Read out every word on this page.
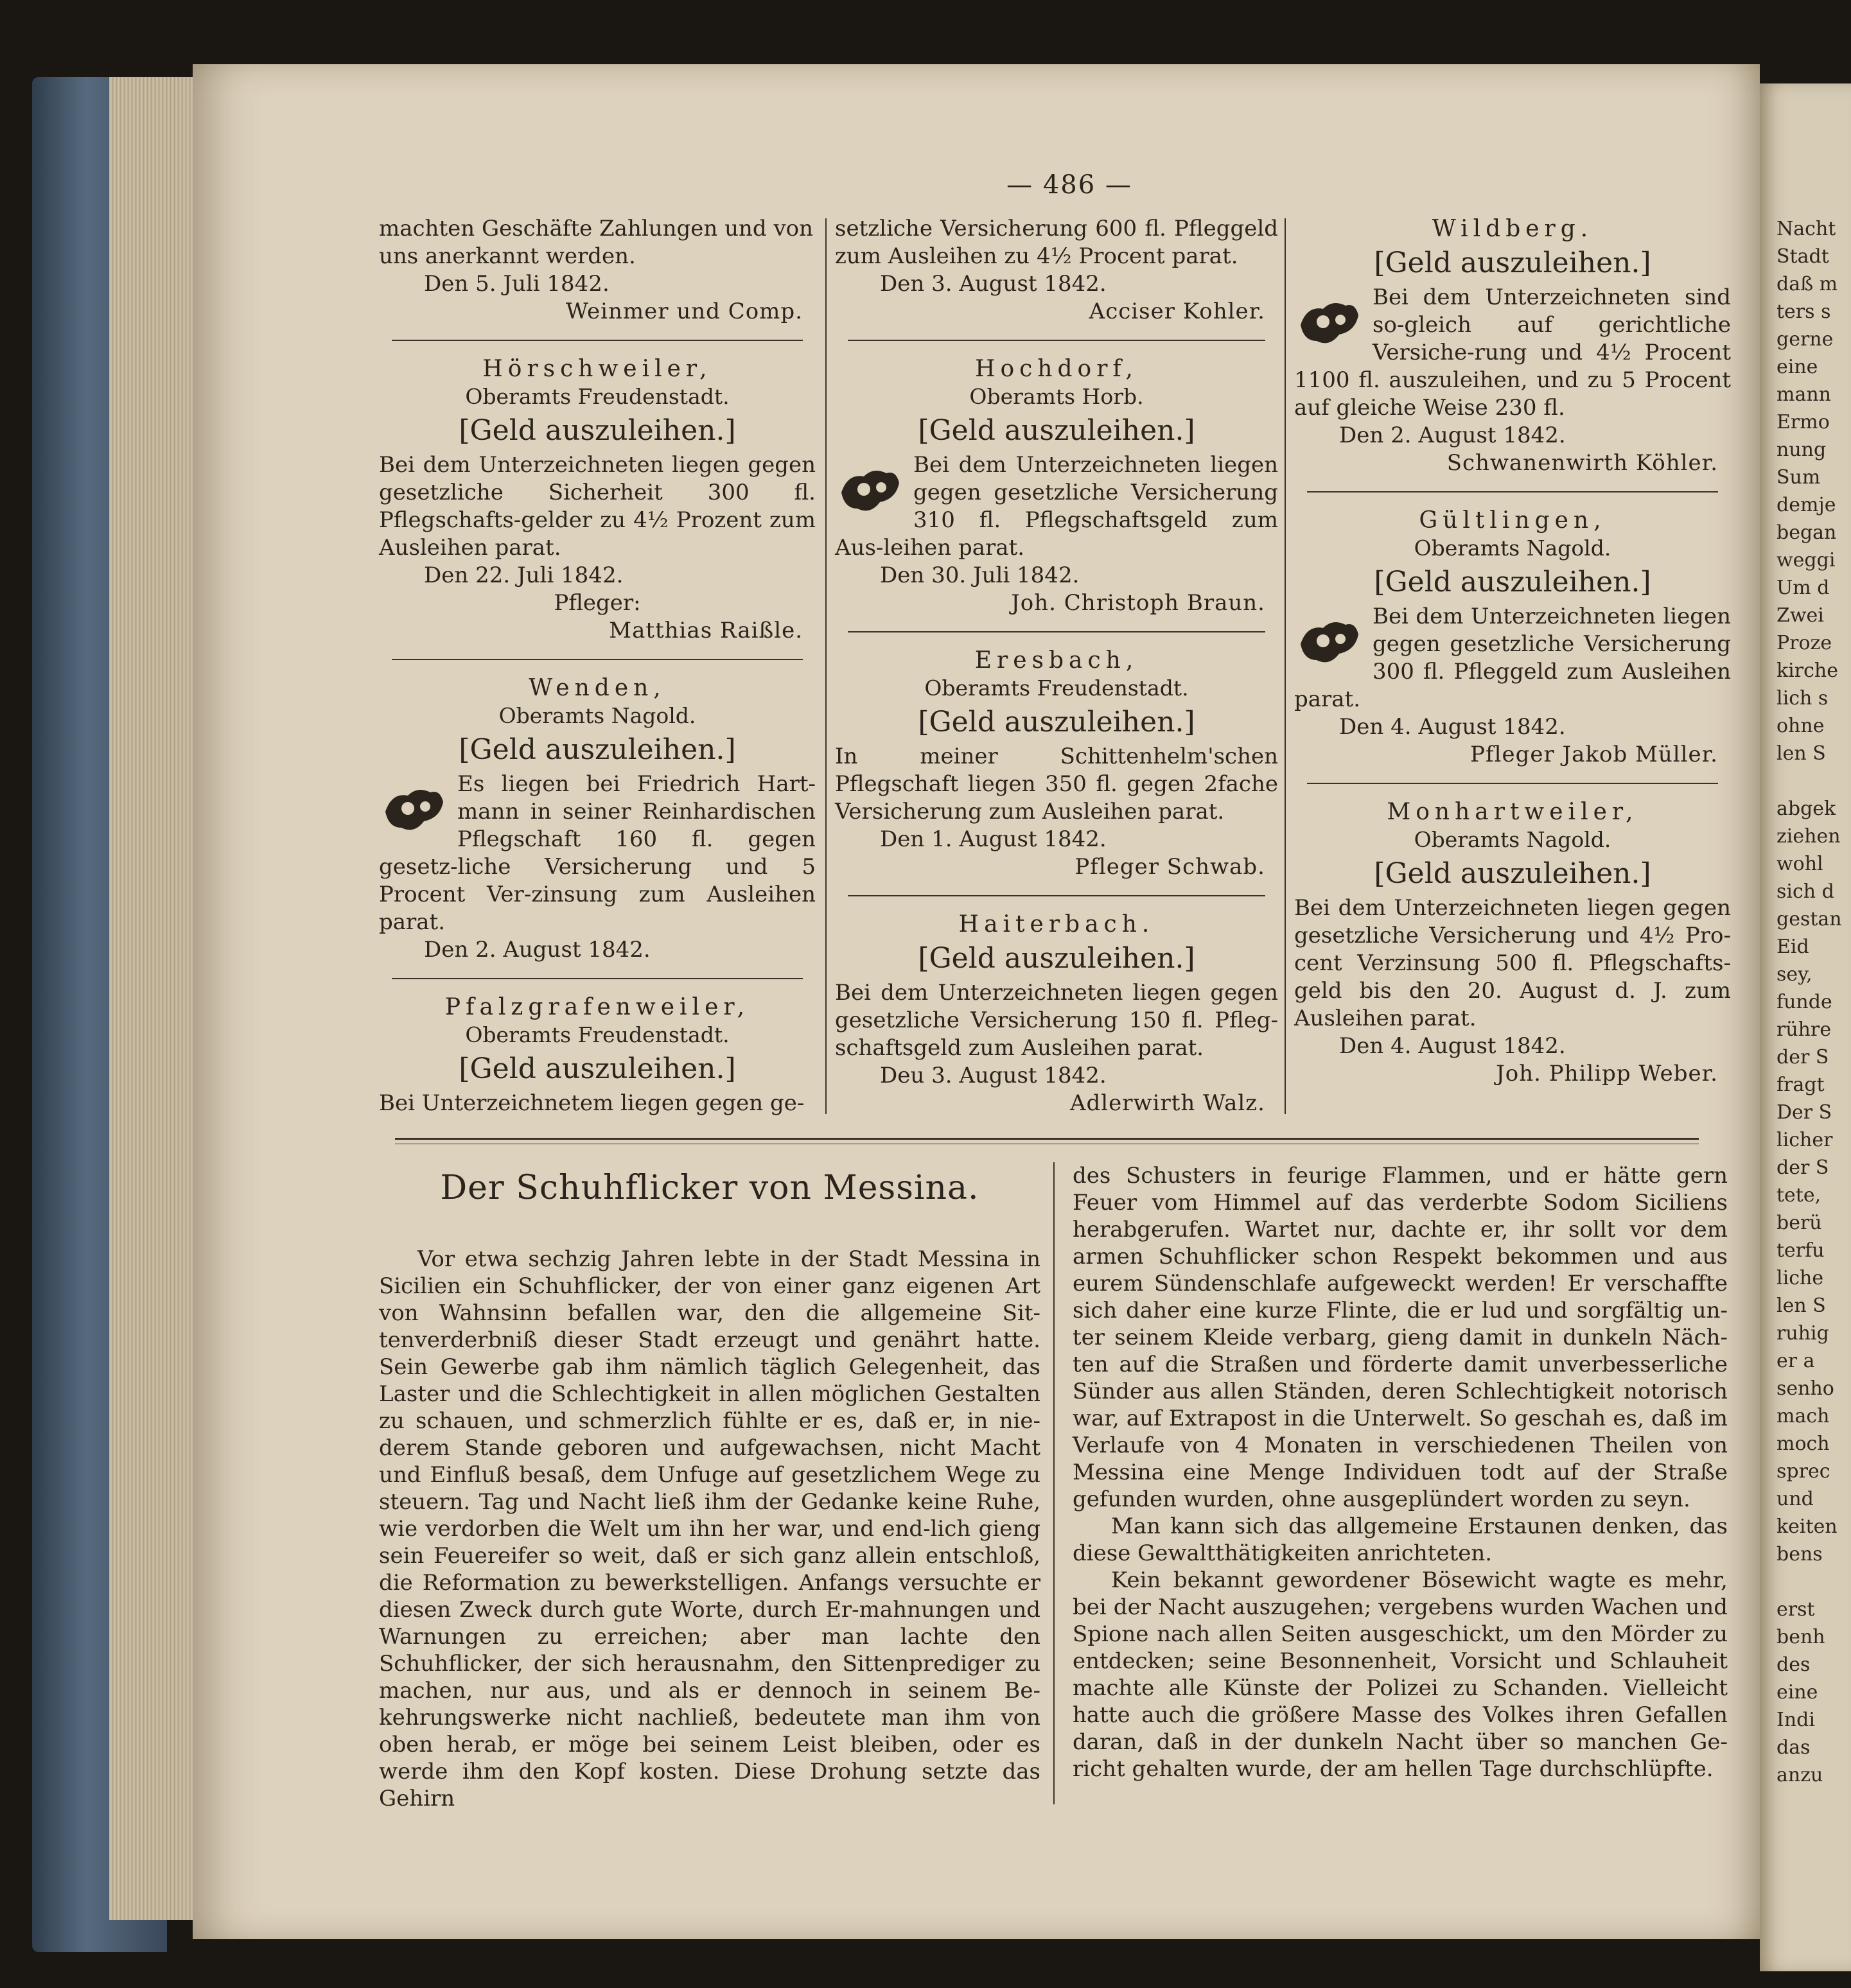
Nacht
Stadt
daß m
ters s
gerne
eine
mann
Ermo
nung
Sum
demje
began
weggi
Um d
Zwei
Proze
kirche
lich s
ohne
len S
abgek
ziehen
wohl
sich d
gestan
Eid
sey,
funde
rühre
der S
fragt
Der S
licher
der S
tete,
berü
terfu
liche
len S
ruhig
er a
senho
mach
moch
sprec
und
keiten
bens
erst
benh
des
eine
Indi
das
anzu
— 486 —
machten Geschäfte Zahlungen und von
uns anerkannt werden.
Den 5. Juli 1842.
Weinmer und Comp.
Hörschweiler,
Oberamts Freudenstadt.
[Geld auszuleihen.]
Bei dem Unterzeichneten liegen gegen gesetzliche Sicherheit 300 fl. Pflegschafts-gelder zu 4½ Prozent zum Ausleihen parat.
Den 22. Juli 1842.
Pfleger:
Matthias Raißle.
Wenden,
Oberamts Nagold.
[Geld auszuleihen.]
Es liegen bei Friedrich Hart-mann in seiner Reinhardischen Pflegschaft 160 fl. gegen gesetz-liche Versicherung und 5 Procent Ver-zinsung zum Ausleihen parat.
Den 2. August 1842.
Pfalzgrafenweiler,
Oberamts Freudenstadt.
[Geld auszuleihen.]
Bei Unterzeichnetem liegen gegen ge-
setzliche Versicherung 600 fl. Pfleggeld zum Ausleihen zu 4½ Procent parat.
Den 3. August 1842.
Acciser Kohler.
Hochdorf,
Oberamts Horb.
[Geld auszuleihen.]
Bei dem Unterzeichneten liegen gegen gesetzliche Versicherung 310 fl. Pflegschaftsgeld zum Aus-leihen parat.
Den 30. Juli 1842.
Joh. Christoph Braun.
Eresbach,
Oberamts Freudenstadt.
[Geld auszuleihen.]
In meiner Schittenhelm'schen Pflegschaft liegen 350 fl. gegen 2fache Versicherung zum Ausleihen parat.
Den 1. August 1842.
Pfleger Schwab.
Haiterbach.
[Geld auszuleihen.]
Bei dem Unterzeichneten liegen gegen gesetzliche Versicherung 150 fl. Pfleg-schaftsgeld zum Ausleihen parat.
Deu 3. August 1842.
Adlerwirth Walz.
Wildberg.
[Geld auszuleihen.]
Bei dem Unterzeichneten sind so-gleich auf gerichtliche Versiche-rung und 4½ Procent 1100 fl. auszuleihen, und zu 5 Procent auf gleiche Weise 230 fl.
Den 2. August 1842.
Schwanenwirth Köhler.
Gültlingen,
Oberamts Nagold.
[Geld auszuleihen.]
Bei dem Unterzeichneten liegen gegen gesetzliche Versicherung 300 fl. Pfleggeld zum Ausleihen parat.
Den 4. August 1842.
Pfleger Jakob Müller.
Monhartweiler,
Oberamts Nagold.
[Geld auszuleihen.]
Bei dem Unterzeichneten liegen gegen gesetzliche Versicherung und 4½ Pro-cent Verzinsung 500 fl. Pflegschafts-geld bis den 20. August d. J. zum Ausleihen parat.
Den 4. August 1842.
Joh. Philipp Weber.
Der Schuhflicker von Messina.

Vor etwa sechzig Jahren lebte in der Stadt Messina in Sicilien ein Schuhflicker, der von einer ganz eigenen Art von Wahnsinn befallen war, den die allgemeine Sit-tenverderbniß dieser Stadt erzeugt und genährt hatte. Sein Gewerbe gab ihm nämlich täglich Gelegenheit, das Laster und die Schlechtigkeit in allen möglichen Gestalten zu schauen, und schmerzlich fühlte er es, daß er, in nie-derem Stande geboren und aufgewachsen, nicht Macht und Einfluß besaß, dem Unfuge auf gesetzlichem Wege zu steuern. Tag und Nacht ließ ihm der Gedanke keine Ruhe, wie verdorben die Welt um ihn her war, und end-lich gieng sein Feuereifer so weit, daß er sich ganz allein entschloß, die Reformation zu bewerkstelligen. Anfangs versuchte er diesen Zweck durch gute Worte, durch Er-mahnungen und Warnungen zu erreichen; aber man lachte den Schuhflicker, der sich herausnahm, den Sittenprediger zu machen, nur aus, und als er dennoch in seinem Be-kehrungswerke nicht nachließ, bedeutete man ihm von oben herab, er möge bei seinem Leist bleiben, oder es werde ihm den Kopf kosten. Diese Drohung setzte das Gehirn

des Schusters in feurige Flammen, und er hätte gern Feuer vom Himmel auf das verderbte Sodom Siciliens herabgerufen. Wartet nur, dachte er, ihr sollt vor dem armen Schuhflicker schon Respekt bekommen und aus eurem Sündenschlafe aufgeweckt werden! Er verschaffte sich daher eine kurze Flinte, die er lud und sorgfältig un-ter seinem Kleide verbarg, gieng damit in dunkeln Näch-ten auf die Straßen und förderte damit unverbesserliche Sünder aus allen Ständen, deren Schlechtigkeit notorisch war, auf Extrapost in die Unterwelt. So geschah es, daß im Verlaufe von 4 Monaten in verschiedenen Theilen von Messina eine Menge Individuen todt auf der Straße gefunden wurden, ohne ausgeplündert worden zu seyn.

Man kann sich das allgemeine Erstaunen denken, das diese Gewaltthätigkeiten anrichteten.

Kein bekannt gewordener Bösewicht wagte es mehr, bei der Nacht auszugehen; vergebens wurden Wachen und Spione nach allen Seiten ausgeschickt, um den Mörder zu entdecken; seine Besonnenheit, Vorsicht und Schlauheit machte alle Künste der Polizei zu Schanden. Vielleicht hatte auch die größere Masse des Volkes ihren Gefallen daran, daß in der dunkeln Nacht über so manchen Ge-richt gehalten wurde, der am hellen Tage durchschlüpfte.
